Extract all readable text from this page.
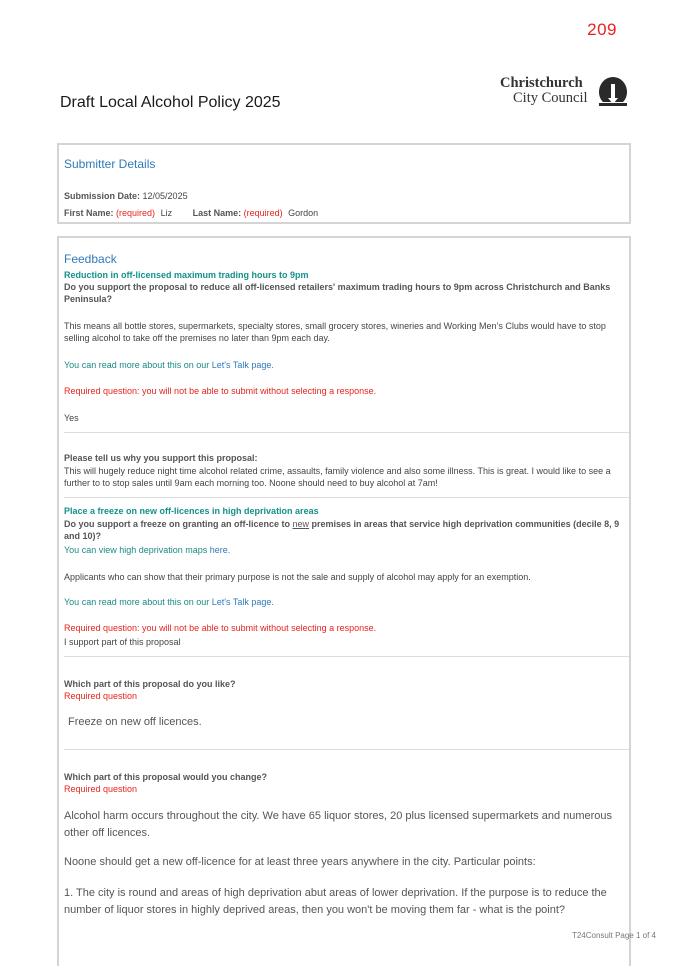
209
Draft Local Alcohol Policy 2025
Christchurch
City Council
Submitter Details
Submission Date: 12/05/2025
First Name: (required) Liz Last Name: (required) Gordon
Feedback
Reduction in off-licensed maximum trading hours to 9pm
Do you support the proposal to reduce all off-licensed retailers' maximum trading hours to 9pm across Christchurch and Banks Peninsula?
This means all bottle stores, supermarkets, specialty stores, small grocery stores, wineries and Working Men’s Clubs would have to stop selling alcohol to take off the premises no later than 9pm each day.
You can read more about this on our Let's Talk page.
Required question: you will not be able to submit without selecting a response.
Yes
Please tell us why you support this proposal:
This will hugely reduce night time alcohol related crime, assaults, family violence and also some illness. This is great. I would like to see a further to to stop sales until 9am each morning too. Noone should need to buy alcohol at 7am!
Place a freeze on new off-licences in high deprivation areas
Do you support a freeze on granting an off-licence to new premises in areas that service high deprivation communities (decile 8, 9 and 10)?
You can view high deprivation maps here.
Applicants who can show that their primary purpose is not the sale and supply of alcohol may apply for an exemption.
You can read more about this on our Let's Talk page.
Required question: you will not be able to submit without selecting a response.
I support part of this proposal
Which part of this proposal do you like?
Required question
Freeze on new off licences.
Which part of this proposal would you change?
Required question
Alcohol harm occurs throughout the city. We have 65 liquor stores, 20 plus licensed supermarkets and numerous other off licences.
Noone should get a new off-licence for at least three years anywhere in the city. Particular points:
1. The city is round and areas of high deprivation abut areas of lower deprivation. If the purpose is to reduce the number of liquor stores in highly deprived areas, then you won't be moving them far - what is the point?
T24Consult Page 1 of 4
